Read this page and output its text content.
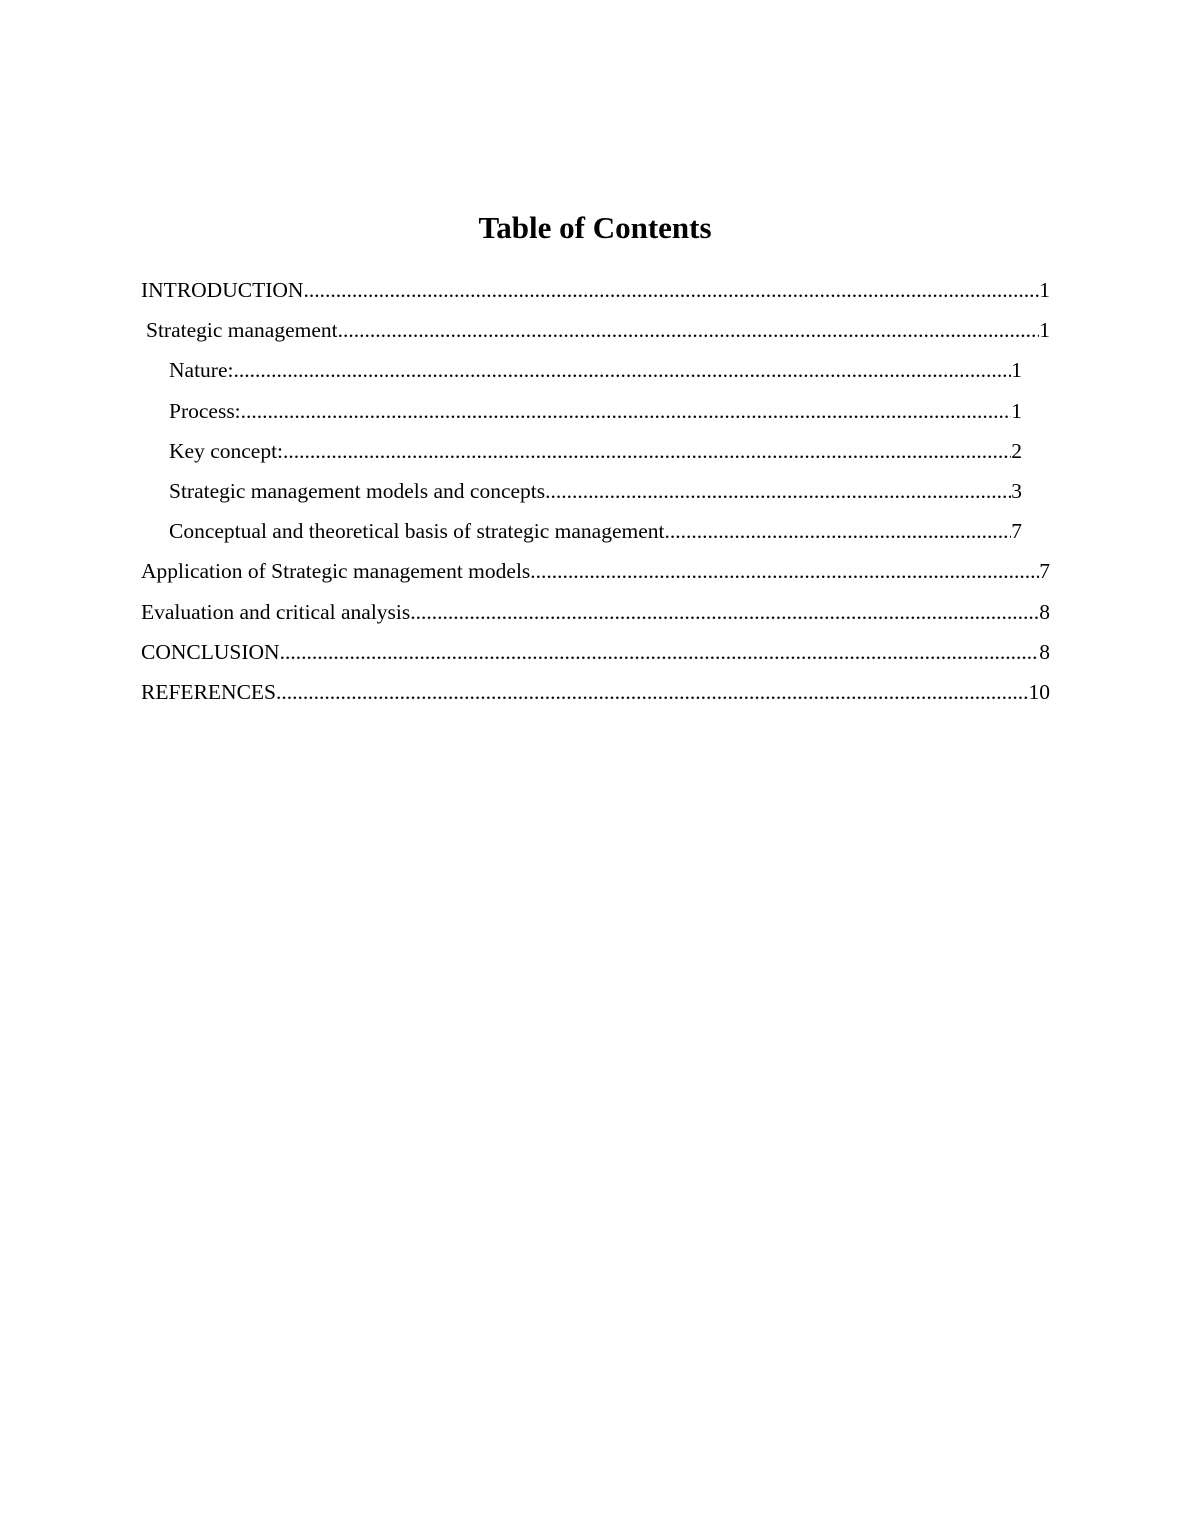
Table of Contents
INTRODUCTION .....	1
Strategic management .....	1
Nature: .....	1
Process: .....	1
Key concept: .....	2
Strategic management models and concepts .....	3
Conceptual and theoretical basis of strategic management .....	7
Application of Strategic management models .....	7
Evaluation and critical analysis .....	8
CONCLUSION .....	8
REFERENCES .....	10
